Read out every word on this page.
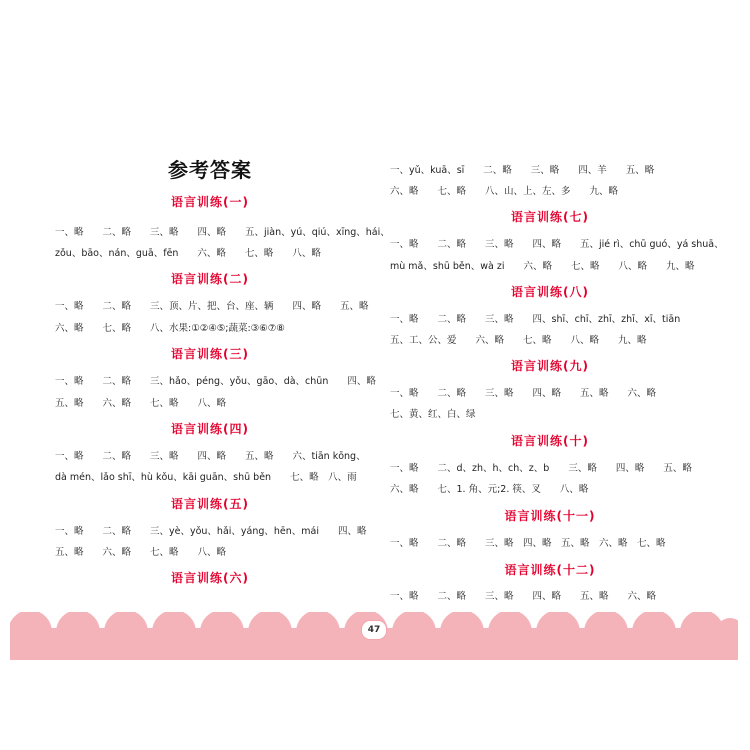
参考答案
语言训练(一)
一、略　　二、略　　三、略　　四、略　　五、jiàn、yú、qiú、xīng、hái、
zǒu、bāo、nán、guā、fēn　　六、略　　七、略　　八、略
语言训练(二)
一、略　　二、略　　三、顶、片、把、台、座、辆　　四、略　　五、略
六、略　　七、略　　八、水果:①②④⑤;蔬菜:③⑥⑦⑧
语言训练(三)
一、略　　二、略　　三、hǎo、péng、yǒu、gāo、dà、chūn　　四、略
五、略　　六、略　　七、略　　八、略
语言训练(四)
一、略　　二、略　　三、略　　四、略　　五、略　　六、tiān kōng、
dà mén、lǎo shī、hù kǒu、kāi guān、shū běn　　七、略　八、雨
语言训练(五)
一、略　　二、略　　三、yè、yǒu、hǎi、yáng、hēn、mái　　四、略
五、略　　六、略　　七、略　　八、略
语言训练(六)
一、yǔ、kuā、sī　　二、略　　三、略　　四、羊　　五、略
六、略　　七、略　　八、山、上、左、多　　九、略
语言训练(七)
一、略　　二、略　　三、略　　四、略　　五、jié rì、chū guó、yá shuā、
mù mǎ、shū běn、wà zi　　六、略　　七、略　　八、略　　九、略
语言训练(八)
一、略　　二、略　　三、略　　四、shī、chī、zhī、zhī、xī、tiān
五、工、公、爱　　六、略　　七、略　　八、略　　九、略
语言训练(九)
一、略　　二、略　　三、略　　四、略　　五、略　　六、略
七、黄、红、白、绿
语言训练(十)
一、略　　二、d、zh、h、ch、z、b　　三、略　　四、略　　五、略
六、略　　七、1. 角、元;2. 筷、叉　　八、略
语言训练(十一)
一、略　　二、略　　三、略　四、略　五、略　六、略　七、略
语言训练(十二)
一、略　　二、略　　三、略　　四、略　　五、略　　六、略
47
